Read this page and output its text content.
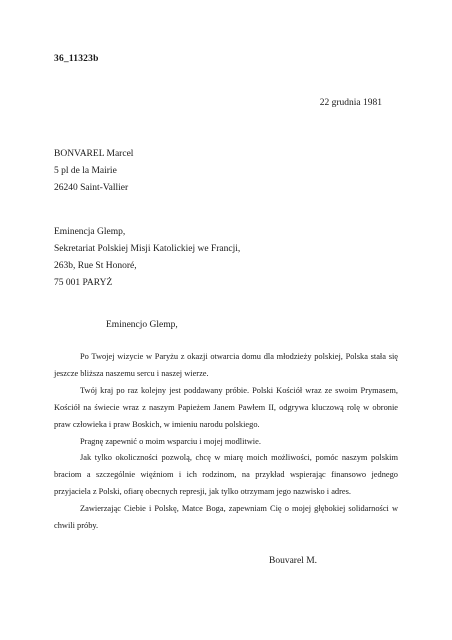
36_11323b
22 grudnia 1981
BONVAREL Marcel
5 pl de la Mairie
26240 Saint-Vallier
Eminencja Glemp,
Sekretariat Polskiej Misji Katolickiej we Francji,
263b, Rue St Honoré,
75 001 PARYŻ
Eminencjo Glemp,

Po Twojej wizycie w Paryżu z okazji otwarcia domu dla młodzieży polskiej, Polska stała się jeszcze bliższa naszemu sercu i naszej wierze.

Twój kraj po raz kolejny jest poddawany próbie. Polski Kościół wraz ze swoim Prymasem, Kościół na świecie wraz z naszym Papieżem Janem Pawłem II, odgrywa kluczową rolę w obronie praw człowieka i praw Boskich, w imieniu narodu polskiego.

Pragnę zapewnić o moim wsparciu i mojej modlitwie.

Jak tylko okoliczności pozwolą, chcę w miarę moich możliwości, pomóc naszym polskim braciom a szczególnie więźniom i ich rodzinom, na przykład wspierając finansowo jednego przyjaciela z Polski, ofiarę obecnych represji, jak tylko otrzymam jego nazwisko i adres.

Zawierzając Ciebie i Polskę, Matce Boga, zapewniam Cię o mojej głębokiej solidarności w chwili próby.

Bouvarel M.
